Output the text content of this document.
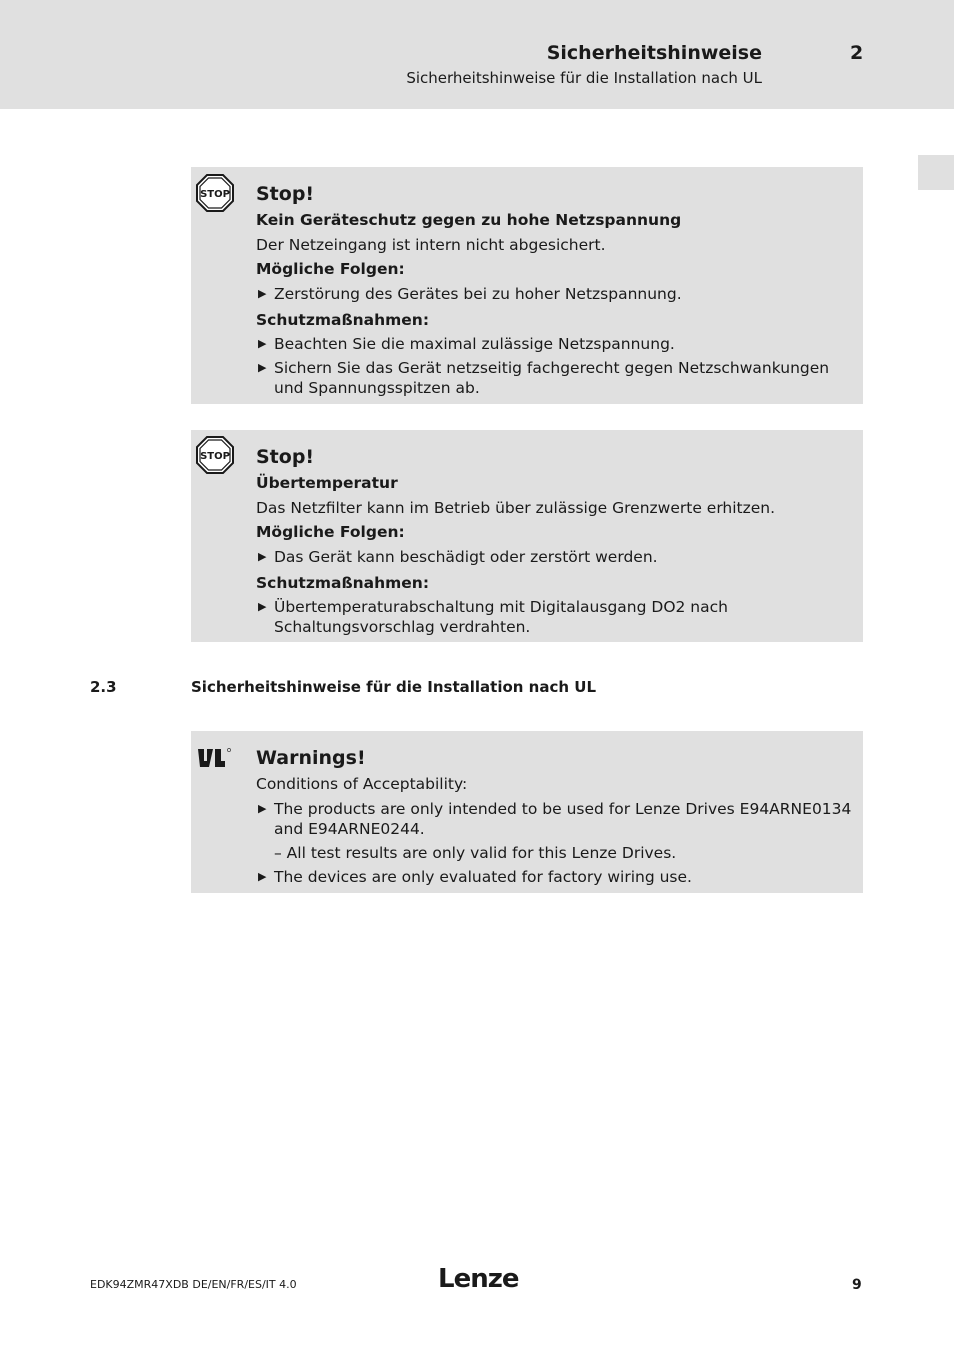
Sicherheitshinweise	2
Sicherheitshinweise für die Installation nach UL
STOP Stop!
Kein Geräteschutz gegen zu hohe Netzspannung
Der Netzeingang ist intern nicht abgesichert.
Mögliche Folgen:
▶ Zerstörung des Gerätes bei zu hoher Netzspannung.
Schutzmaßnahmen:
▶ Beachten Sie die maximal zulässige Netzspannung.
▶ Sichern Sie das Gerät netzseitig fachgerecht gegen Netzschwankungen und Spannungsspitzen ab.
STOP Stop!
Übertemperatur
Das Netzfilter kann im Betrieb über zulässige Grenzwerte erhitzen.
Mögliche Folgen:
▶ Das Gerät kann beschädigt oder zerstört werden.
Schutzmaßnahmen:
▶ Übertemperaturabschaltung mit Digitalausgang DO2 nach Schaltungsvorschlag verdrahten.
2.3	Sicherheitshinweise für die Installation nach UL
Warnings!
Conditions of Acceptability:
▶ The products are only intended to be used for Lenze Drives E94ARNE0134 and E94ARNE0244.
– All test results are only valid for this Lenze Drives.
▶ The devices are only evaluated for factory wiring use.
EDK94ZMR47XDB DE/EN/FR/ES/IT 4.0	Lenze	9
